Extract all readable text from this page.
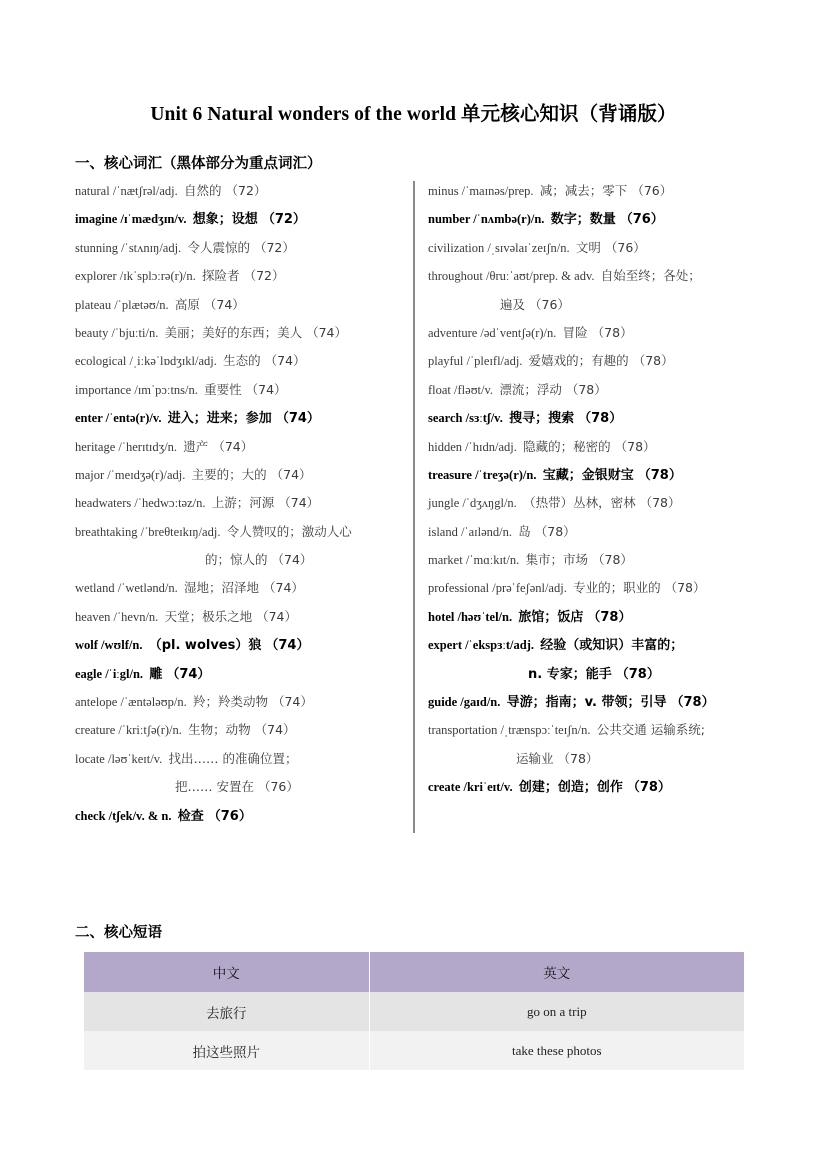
Unit 6 Natural wonders of the world 单元核心知识（背诵版）
一、核心词汇（黑体部分为重点词汇）
natural /ˈnætʃrəl/adj. 自然的 （72）
imagine /ɪˈmædʒɪn/v. 想象；设想 （72）
stunning /ˈstʌnɪŋ/adj. 令人震惊的 （72）
explorer /ɪkˈsplɔːrə(r)/n. 探险者 （72）
plateau /ˈplætəʊ/n. 高原 （74）
beauty /ˈbjuːti/n. 美丽；美好的东西；美人 （74）
ecological /ˌiːkəˈlɒdʒɪkl/adj. 生态的 （74）
importance /ɪmˈpɔːtns/n. 重要性 （74）
enter /ˈentə(r)/v. 进入；进来；参加 （74）
heritage /ˈherɪtɪdʒ/n. 遗产 （74）
major /ˈmeɪdʒə(r)/adj. 主要的；大的 （74）
headwaters /ˈhedwɔːtəz/n. 上游；河源 （74）
breathtaking /ˈbreθteɪkɪŋ/adj. 令人赞叹的；激动人心
的；惊人的 （74）
wetland /ˈwetlənd/n. 湿地；沼泽地 （74）
heaven /ˈhevn/n. 天堂；极乐之地 （74）
wolf /wʊlf/n. （pl. wolves）狼 （74）
eagle /ˈiːgl/n. 雕 （74）
antelope /ˈæntələʊp/n. 羚；羚类动物 （74）
creature /ˈkriːtʃə(r)/n. 生物；动物 （74）
locate /ləʊˈkeɪt/v. 找出…… 的准确位置；
把…… 安置在 （76）
check /tʃek/v. & n. 检查 （76）
minus /ˈmaɪnəs/prep. 减；减去；零下 （76）
number /ˈnʌmbə(r)/n. 数字；数量 （76）
civilization /ˌsɪvəlaɪˈzeɪʃn/n. 文明 （76）
throughout /θruːˈaʊt/prep. & adv. 自始至终；各处；
遍及 （76）
adventure /ədˈventʃə(r)/n. 冒险 （78）
playful /ˈpleɪfl/adj. 爱嬉戏的；有趣的 （78）
float /fləʊt/v. 漂流；浮动 （78）
search /sɜːtʃ/v. 搜寻；搜索 （78）
hidden /ˈhɪdn/adj. 隐藏的；秘密的 （78）
treasure /ˈtreʒə(r)/n. 宝藏；金银财宝 （78）
jungle /ˈdʒʌŋgl/n. （热带）丛林，密林 （78）
island /ˈaɪlənd/n. 岛 （78）
market /ˈmɑːkɪt/n. 集市；市场 （78）
professional /prəˈfeʃənl/adj. 专业的；职业的 （78）
hotel /həʊˈtel/n. 旅馆；饭店 （78）
expert /ˈekspɜːt/adj. 经验（或知识）丰富的；
n. 专家；能手 （78）
guide /gaɪd/n. 导游；指南；v. 带领；引导 （78）
transportation /ˌtrænspɔːˈteɪʃn/n. 公共交通 运输系统;
运输业 （78）
create /kriˈeɪt/v. 创建；创造；创作 （78）
二、核心短语
中文	英文
去旅行	go on a trip
拍这些照片	take these photos
